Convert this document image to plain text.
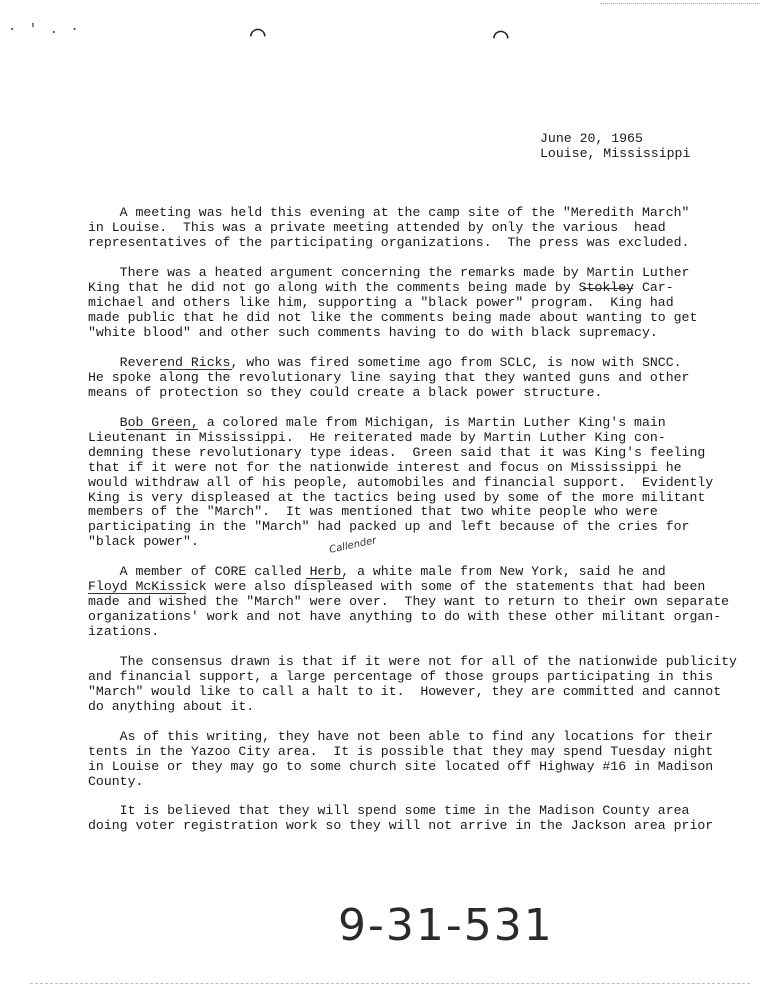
· ' . ·	⌒	⌒
June 20, 1965
Louise, Mississippi

A meeting was held this evening at the camp site of the "Meredith March"
in Louise.  This was a private meeting attended by only the various  head
representatives of the participating organizations.  The press was excluded.

There was a heated argument concerning the remarks made by Martin Luther
King that he did not go along with the comments being made by Stokley Car-
michael and others like him, supporting a "black power" program.  King had
made public that he did not like the comments being made about wanting to get
"white blood" and other such comments having to do with black supremacy.

Reverend Ricks, who was fired sometime ago from SCLC, is now with SNCC.
He spoke along the revolutionary line saying that they wanted guns and other
means of protection so they could create a black power structure.

Bob Green, a colored male from Michigan, is Martin Luther King's main
Lieutenant in Mississippi.  He reiterated made by Martin Luther King con-
demning these revolutionary type ideas.  Green said that it was King's feeling
that if it were not for the nationwide interest and focus on Mississippi he
would withdraw all of his people, automobiles and financial support.  Evidently
King is very displeased at the tactics being used by some of the more militant
members of the "March".  It was mentioned that two white people who were
participating in the "March" had packed up and left because of the cries for
"black power".

A member of CORE called Herb, a white male from New York, said he and
Floyd McKissick were also displeased with some of the statements that had been
made and wished the "March" were over.  They want to return to their own separate
organizations' work and not have anything to do with these other militant organ-
izations.

The consensus drawn is that if it were not for all of the nationwide publicity
and financial support, a large percentage of those groups participating in this
"March" would like to call a halt to it.  However, they are committed and cannot
do anything about it.

As of this writing, they have not been able to find any locations for their
tents in the Yazoo City area.  It is possible that they may spend Tuesday night
in Louise or they may go to some church site located off Highway #16 in Madison
County.

It is believed that they will spend some time in the Madison County area
doing voter registration work so they will not arrive in the Jackson area prior

Callender
9-31-531
